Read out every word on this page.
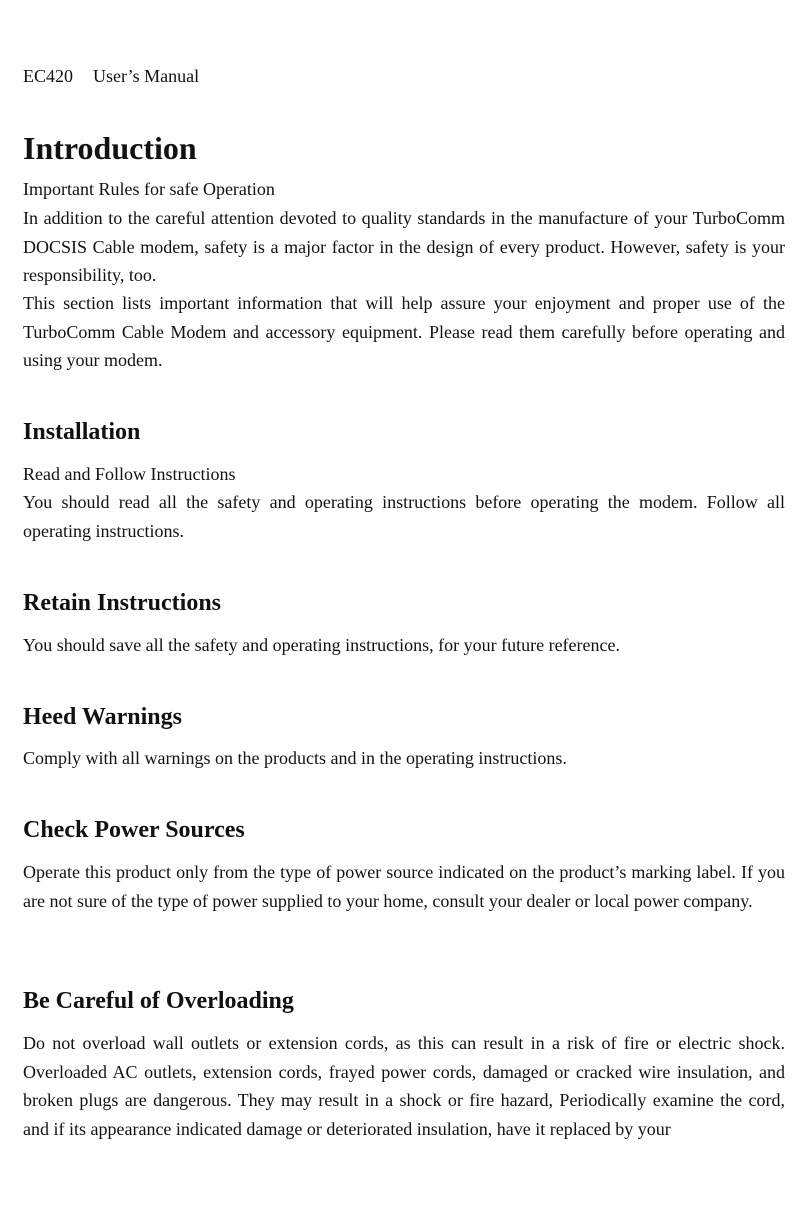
EC420 User’s Manual
Introduction

Important Rules for safe Operation

In addition to the careful attention devoted to quality standards in the manufacture of your TurboComm DOCSIS Cable modem, safety is a major factor in the design of every product. However, safety is your responsibility, too.

This section lists important information that will help assure your enjoyment and proper use of the TurboComm Cable Modem and accessory equipment. Please read them carefully before operating and using your modem.

Installation

Read and Follow Instructions

You should read all the safety and operating instructions before operating the modem. Follow all operating instructions.

Retain Instructions

You should save all the safety and operating instructions, for your future reference.

Heed Warnings

Comply with all warnings on the products and in the operating instructions.

Check Power Sources

Operate this product only from the type of power source indicated on the product’s marking label. If you are not sure of the type of power supplied to your home, consult your dealer or local power company.

Be Careful of Overloading

Do not overload wall outlets or extension cords, as this can result in a risk of fire or electric shock. Overloaded AC outlets, extension cords, frayed power cords, damaged or cracked wire insulation, and broken plugs are dangerous. They may result in a shock or fire hazard, Periodically examine the cord, and if its appearance indicated damage or deteriorated insulation, have it replaced by your
